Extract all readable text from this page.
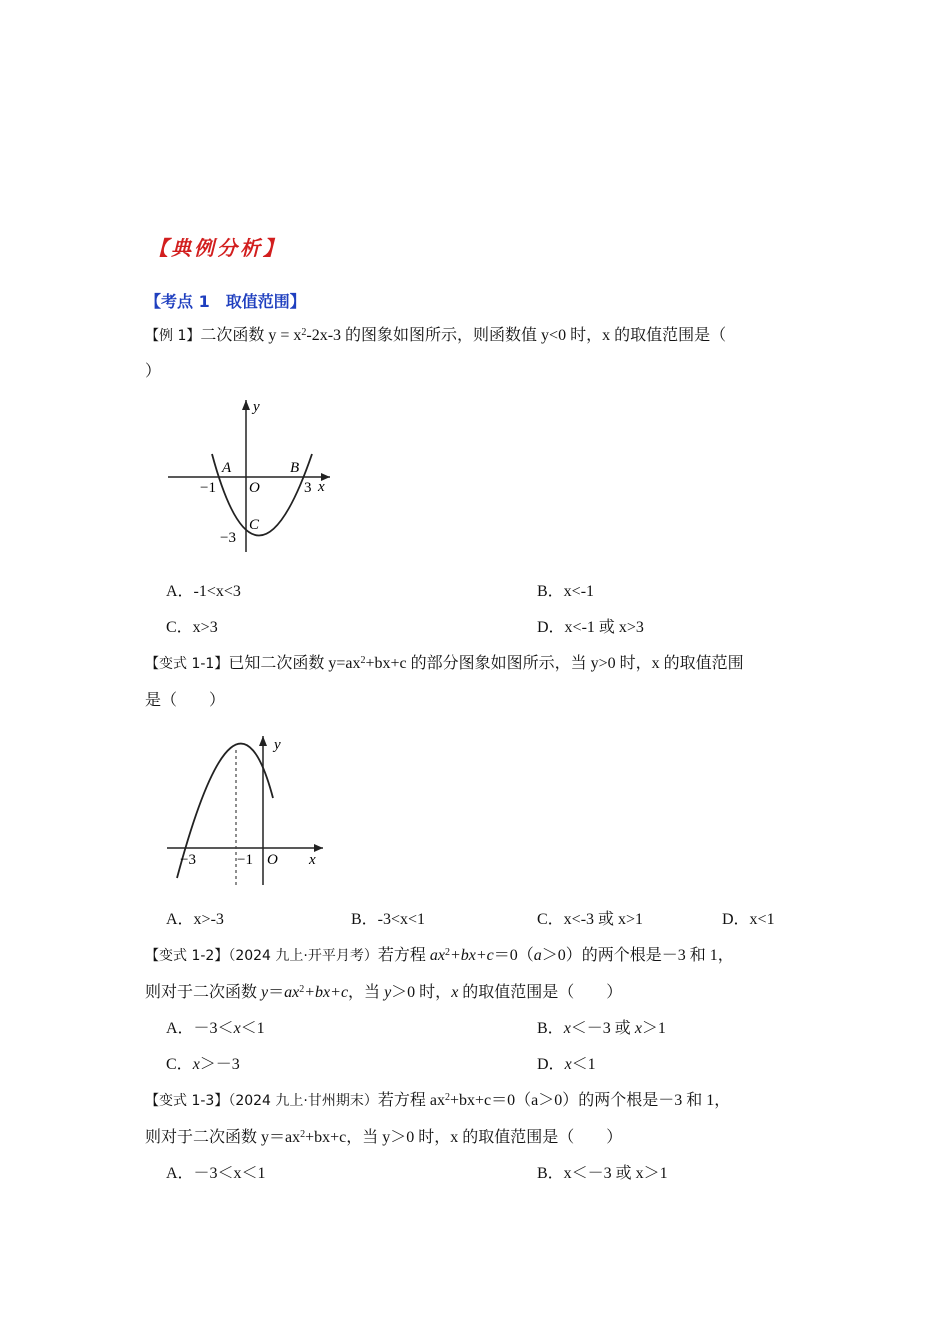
【典例分析】
【考点 1　取值范围】
【例 1】二次函数 $y = x^2-2x-3$ 的图象如图所示，则函数值 y<0 时，x 的取值范围是（
）
y
x
A	B
O
C
−1	3
−3
A．-1<x<3	B．x<-1
C．x>3	D．x<-1 或 x>3
【变式 1-1】已知二次函数 $y=ax^2+bx+c$ 的部分图象如图所示，当 y>0 时，x 的取值范围
是（　　）
y
x
−3	−1 O
A．x>-3	B．-3<x<1	C．x<-3 或 x>1	D．x<1
【变式 1-2】（2024 九上·开平月考）若方程 $ax^2+bx+c=0(a>0)$的两个根是－3 和 1，
则对于二次函数 $y=ax^2+bx+c$，当 y＞0 时，x 的取值范围是（　　）
A．－3＜x＜1	B．x＜－3 或 x＞1
C．x＞－3	D．x＜1
【变式 1-3】（2024 九上·甘州期末）若方程 $ax^2+bx+c=0(a>0)$的两个根是－3 和 1，
则对于二次函数 $y=ax^2+bx+c$，当 y＞0 时，x 的取值范围是（　　）
A．－3＜x＜1	B．x＜－3 或 x＞1
